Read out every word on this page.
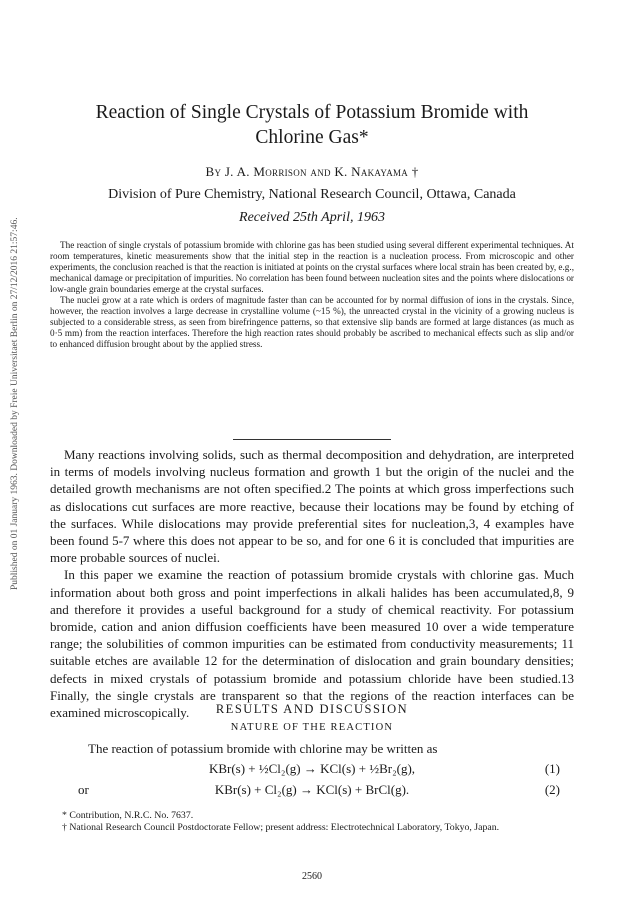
Published on 01 January 1963. Downloaded by Freie Universitaet Berlin on 27/12/2016 21:57:46.
Reaction of Single Crystals of Potassium Bromide with
Chlorine Gas*
By J. A. Morrison and K. Nakayama †
Division of Pure Chemistry, National Research Council, Ottawa, Canada
Received 25th April, 1963

The reaction of single crystals of potassium bromide with chlorine gas has been studied using several different experimental techniques. At room temperatures, kinetic measurements show that the initial step in the reaction is a nucleation process. From microscopic and other experiments, the conclusion reached is that the reaction is initiated at points on the crystal surfaces where local strain has been created by, e.g., mechanical damage or precipitation of impurities. No correlation has been found between nucleation sites and the points where dislocations or low-angle grain boundaries emerge at the crystal surfaces.

The nuclei grow at a rate which is orders of magnitude faster than can be accounted for by normal diffusion of ions in the crystals. Since, however, the reaction involves a large decrease in crystalline volume (~15 %), the unreacted crystal in the vicinity of a growing nucleus is subjected to a considerable stress, as seen from birefringence patterns, so that extensive slip bands are formed at large distances (as much as 0·5 mm) from the reaction interfaces. Therefore the high reaction rates should probably be ascribed to mechanical effects such as slip and/or to enhanced diffusion brought about by the applied stress.

Many reactions involving solids, such as thermal decomposition and dehydration, are interpreted in terms of models involving nucleus formation and growth 1 but the origin of the nuclei and the detailed growth mechanisms are not often specified.2 The points at which gross imperfections such as dislocations cut surfaces are more reactive, because their locations may be found by etching of the surfaces. While dislocations may provide preferential sites for nucleation,3, 4 examples have been found 5-7 where this does not appear to be so, and for one 6 it is concluded that impurities are more probable sources of nuclei.

In this paper we examine the reaction of potassium bromide crystals with chlorine gas. Much information about both gross and point imperfections in alkali halides has been accumulated,8, 9 and therefore it provides a useful background for a study of chemical reactivity. For potassium bromide, cation and anion diffusion coefficients have been measured 10 over a wide temperature range; the solubilities of common impurities can be estimated from conductivity measurements; 11 suitable etches are available 12 for the determination of dislocation and grain boundary densities; defects in mixed crystals of potassium bromide and potassium chloride have been studied.13 Finally, the single crystals are transparent so that the regions of the reaction interfaces can be examined microscopically.	RESULTS AND DISCUSSION
NATURE OF THE REACTION
The reaction of potassium bromide with chlorine may be written as
KBr(s) + ½Cl₂(g) → KCl(s) + ½Br₂(g),	(1)
or	KBr(s) + Cl₂(g) → KCl(s) + BrCl(g).	(2)

* Contribution, N.R.C. No. 7637.

† National Research Council Postdoctorate Fellow; present address: Electrotechnical Laboratory, Tokyo, Japan.

2560
